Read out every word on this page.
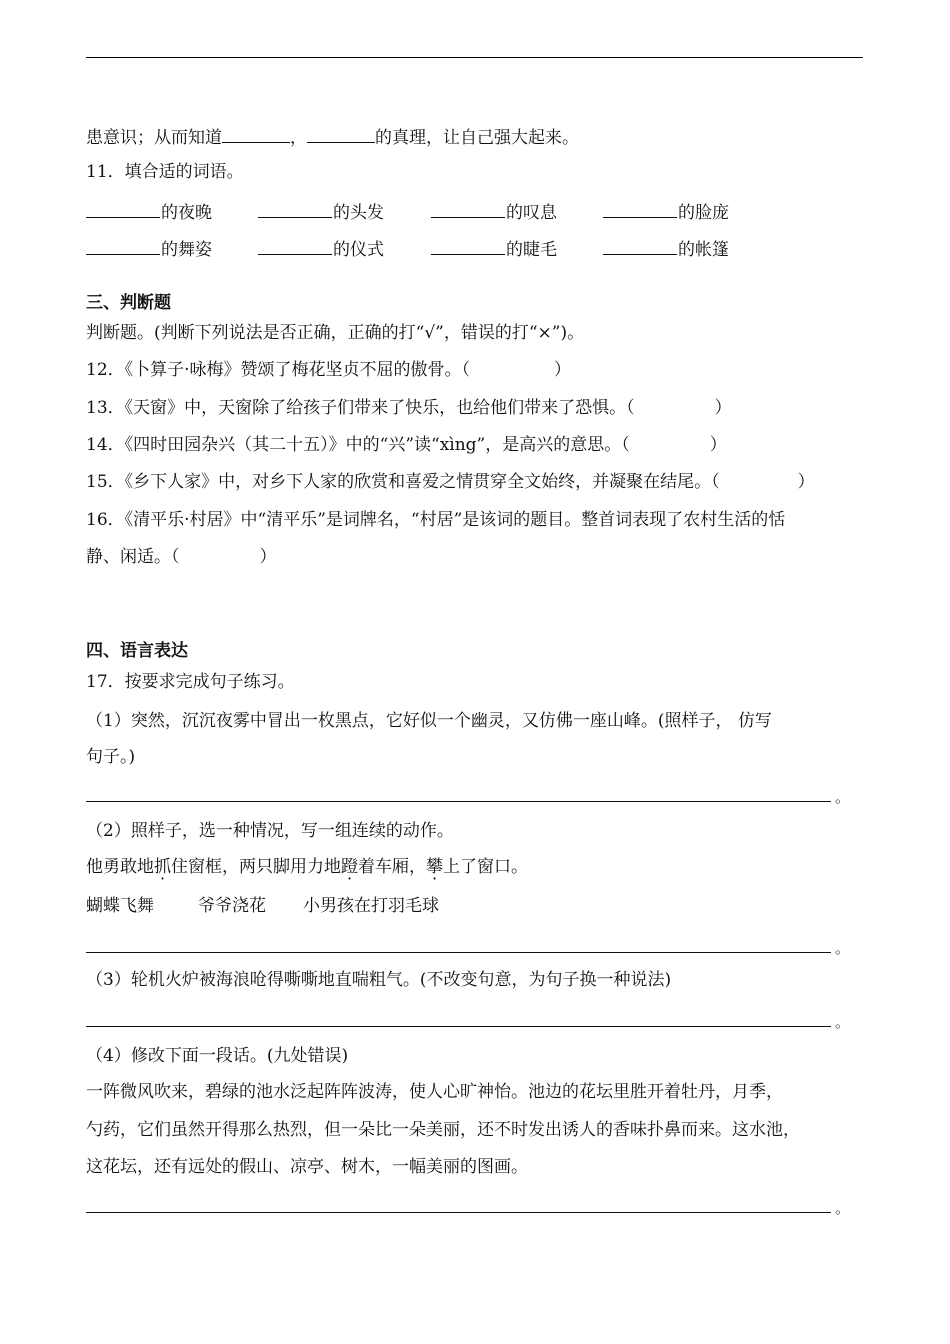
患意识；从而知道	，	的真理，让自己强大起来。
11．填合适的词语。
的夜晚	的头发	的叹息	的脸庞
的舞姿	的仪式	的睫毛	的帐篷
三、判断题
判断题。(判断下列说法是否正确，正确的打“√”，错误的打“×”)。
12．《卜算子·咏梅》赞颂了梅花坚贞不屈的傲骨。（	）
13．《天窗》中，天窗除了给孩子们带来了快乐，也给他们带来了恐惧。（	）
14．《四时田园杂兴（其二十五）》中的“兴”读“xìng”，是高兴的意思。（	）
15．《乡下人家》中，对乡下人家的欣赏和喜爱之情贯穿全文始终，并凝聚在结尾。（	）
16．《清平乐·村居》中“清平乐”是词牌名，“村居”是该词的题目。整首词表现了农村生活的恬
静、闲适。（	）
四、语言表达
17．按要求完成句子练习。
（1）突然，沉沉夜雾中冒出一枚黑点，它好似一个幽灵，又仿佛一座山峰。(照样子， 仿写
句子。)
。
（2）照样子，选一种情况，写一组连续的动作。
他勇敢地抓住窗框，两只脚用力地蹬着车厢，攀上了窗口。
蝴蝶飞舞	爷爷浇花 小男孩在打羽毛球
。
（3）轮机火炉被海浪呛得嘶嘶地直喘粗气。(不改变句意，为句子换一种说法)
。
（4）修改下面一段话。(九处错误)
一阵微风吹来，碧绿的池水泛起阵阵波涛，使人心旷神怡。池边的花坛里胜开着牡丹，月季，
勺药，它们虽然开得那么热烈，但一朵比一朵美丽，还不时发出诱人的香味扑鼻而来。这水池，
这花坛，还有远处的假山、凉亭、树木，一幅美丽的图画。
。
